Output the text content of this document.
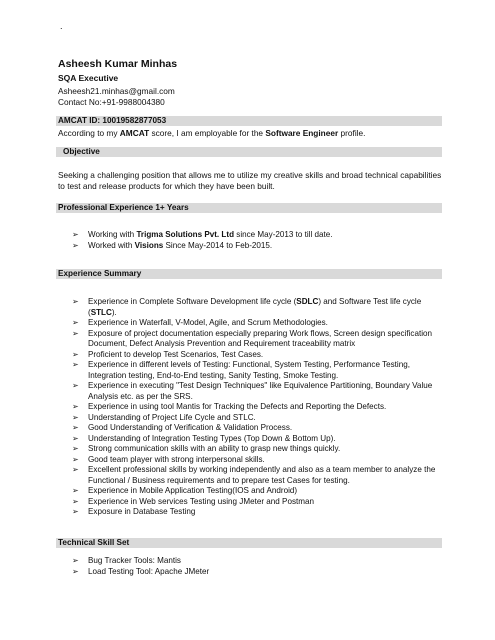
.
Asheesh Kumar Minhas
SQA Executive
Asheesh21.minhas@gmail.com
Contact No:+91-9988004380
AMCAT ID: 10019582877053
According to my AMCAT score, I am employable for the Software Engineer profile.
Objective
Seeking a challenging position that allows me to utilize my creative skills and broad technical capabilities to test and release products for which they have been built.
Professional Experience 1+ Years
➢	Working with Trigma Solutions Pvt. Ltd since May-2013 to till date.
➢	Worked with Visions Since May-2014 to Feb-2015.
Experience Summary
➢	Experience in Complete Software Development life cycle (SDLC) and Software Test life cycle (STLC).
➢	Experience in Waterfall, V-Model, Agile, and Scrum Methodologies.
➢	Exposure of project documentation especially preparing Work flows, Screen design specification Document, Defect Analysis Prevention and Requirement traceability matrix
➢	Proficient to develop Test Scenarios, Test Cases.
➢	Experience in different levels of Testing: Functional, System Testing, Performance Testing, Integration testing, End-to-End testing, Sanity Testing, Smoke Testing.
➢	Experience in executing "Test Design Techniques" like Equivalence Partitioning, Boundary Value Analysis etc. as per the SRS.
➢	Experience in using tool Mantis for Tracking the Defects and Reporting the Defects.
➢	Understanding of Project Life Cycle and STLC.
➢	Good Understanding of Verification & Validation Process.
➢	Understanding of Integration Testing Types (Top Down & Bottom Up).
➢	Strong communication skills with an ability to grasp new things quickly.
➢	Good team player with strong interpersonal skills.
➢	Excellent professional skills by working independently and also as a team member to analyze the Functional / Business requirements and to prepare test Cases for testing.
➢	Experience in Mobile Application Testing(IOS and Android)
➢	Experience in Web services Testing using JMeter and Postman
➢	Exposure in Database Testing
Technical Skill Set
➢	Bug Tracker Tools: Mantis
➢	Load Testing Tool: Apache JMeter
